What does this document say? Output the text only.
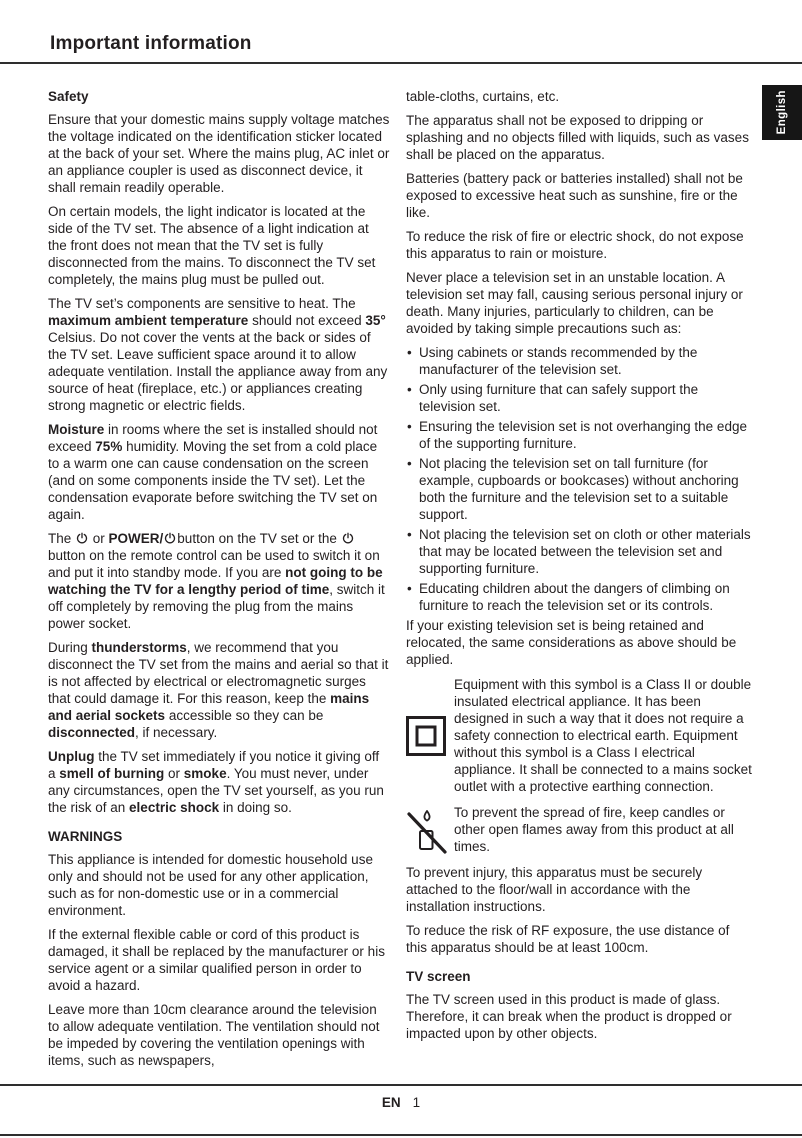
Important information
English
Safety

Ensure that your domestic mains supply voltage matches the voltage indicated on the identification sticker located at the back of your set. Where the mains plug, AC inlet or an appliance coupler is used as disconnect device, it shall remain readily operable.

On certain models, the light indicator is located at the side of the TV set. The absence of a light indication at the front does not mean that the TV set is fully disconnected from the mains. To disconnect the TV set completely, the mains plug must be pulled out.

The TV set’s components are sensitive to heat. The maximum ambient temperature should not exceed 35° Celsius. Do not cover the vents at the back or sides of the TV set. Leave sufficient space around it to allow adequate ventilation. Install the appliance away from any source of heat (fireplace, etc.) or appliances creating strong magnetic or electric fields.

Moisture in rooms where the set is installed should not exceed 75% humidity. Moving the set from a cold place to a warm one can cause condensation on the screen (and on some components inside the TV set). Let the condensation evaporate before switching the TV set on again.

The  or POWER/ button on the TV set or the  button on the remote control can be used to switch it on and put it into standby mode. If you are not going to be watching the TV for a lengthy period of time, switch it off completely by removing the plug from the mains power socket.

During thunderstorms, we recommend that you disconnect the TV set from the mains and aerial so that it is not affected by electrical or electromagnetic surges that could damage it. For this reason, keep the mains and aerial sockets accessible so they can be disconnected, if necessary.

Unplug the TV set immediately if you notice it giving off a smell of burning or smoke. You must never, under any circumstances, open the TV set yourself, as you run the risk of an electric shock in doing so.

WARNINGS

This appliance is intended for domestic household use only and should not be used for any other application, such as for non-domestic use or in a commercial environment.

If the external flexible cable or cord of this product is damaged, it shall be replaced by the manufacturer or his service agent or a similar qualified person in order to avoid a hazard.

Leave more than 10cm clearance around the television to allow adequate ventilation. The ventilation should not be impeded by covering the ventilation openings with items, such as newspapers,

table-cloths, curtains, etc.

The apparatus shall not be exposed to dripping or splashing and no objects filled with liquids, such as vases shall be placed on the apparatus.

Batteries (battery pack or batteries installed) shall not be exposed to excessive heat such as sunshine, fire or the like.

To reduce the risk of fire or electric shock, do not expose this apparatus to rain or moisture.

Never place a television set in an unstable location. A television set may fall, causing serious personal injury or death. Many injuries, particularly to children, can be avoided by taking simple precautions such as:

• Using cabinets or stands recommended by the manufacturer of the television set.
• Only using furniture that can safely support the television set.
• Ensuring the television set is not overhanging the edge of the supporting furniture.
• Not placing the television set on tall furniture (for example, cupboards or bookcases) without anchoring both the furniture and the television set to a suitable support.
• Not placing the television set on cloth or other materials that may be located between the television set and supporting furniture.
• Educating children about the dangers of climbing on furniture to reach the television set or its controls.

If your existing television set is being retained and relocated, the same considerations as above should be applied.

Equipment with this symbol is a Class II or double insulated electrical appliance. It has been designed in such a way that it does not require a safety connection to electrical earth. Equipment without this symbol is a Class I electrical appliance. It shall be connected to a mains socket outlet with a protective earthing connection.
To prevent the spread of fire, keep candles or other open flames away from this product at all times.

To prevent injury, this apparatus must be securely attached to the floor/wall in accordance with the installation instructions.

To reduce the risk of RF exposure, the use distance of this apparatus should be at least 100cm.

TV screen

The TV screen used in this product is made of glass. Therefore, it can break when the product is dropped or impacted upon by other objects.

EN 1
